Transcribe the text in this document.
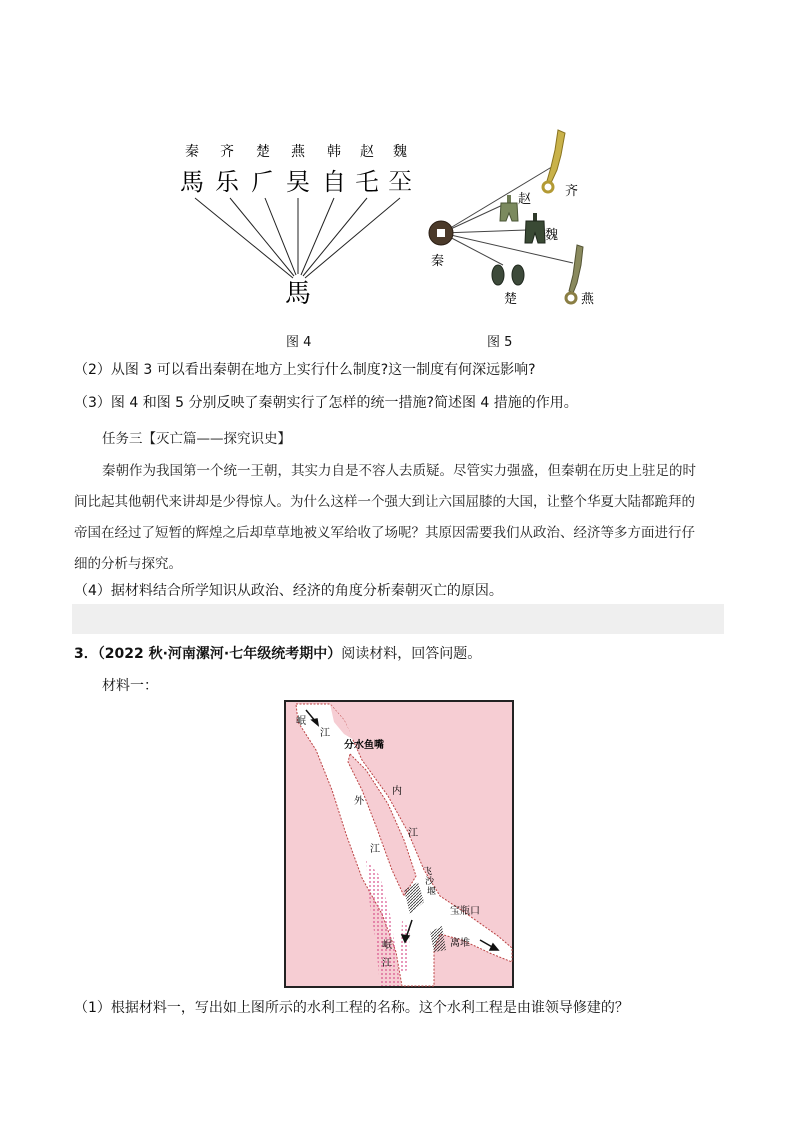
秦 齐 楚 燕 韩 赵 魏
馬 乐 𠂆 旲 自 乇 𡉊
馬
图 4
齐
赵
魏
秦
楚	燕
图 5
（2）从图 3 可以看出秦朝在地方上实行什么制度?这一制度有何深远影响?
（3）图 4 和图 5 分别反映了秦朝实行了怎样的统一措施?简述图 4 措施的作用。
任务三【灭亡篇——探究识史】
秦朝作为我国第一个统一王朝，其实力自是不容人去质疑。尽管实力强盛，但秦朝在历史上驻足的时
间比起其他朝代来讲却是少得惊人。为什么这样一个强大到让六国屈膝的大国，让整个华夏大陆都跪拜的
帝国在经过了短暂的辉煌之后却草草地被义军给收了场呢？其原因需要我们从政治、经济等多方面进行仔
细的分析与探究。
（4）据材料结合所学知识从政治、经济的角度分析秦朝灭亡的原因。
3．（2022 秋·河南漯河·七年级统考期中）阅读材料，回答问题。
材料一：
岷
江
分水鱼嘴
内
江
外
江
飞
沙
堰
宝瓶口
离堆
岷
江
（1）根据材料一，写出如上图所示的水利工程的名称。这个水利工程是由谁领导修建的？
